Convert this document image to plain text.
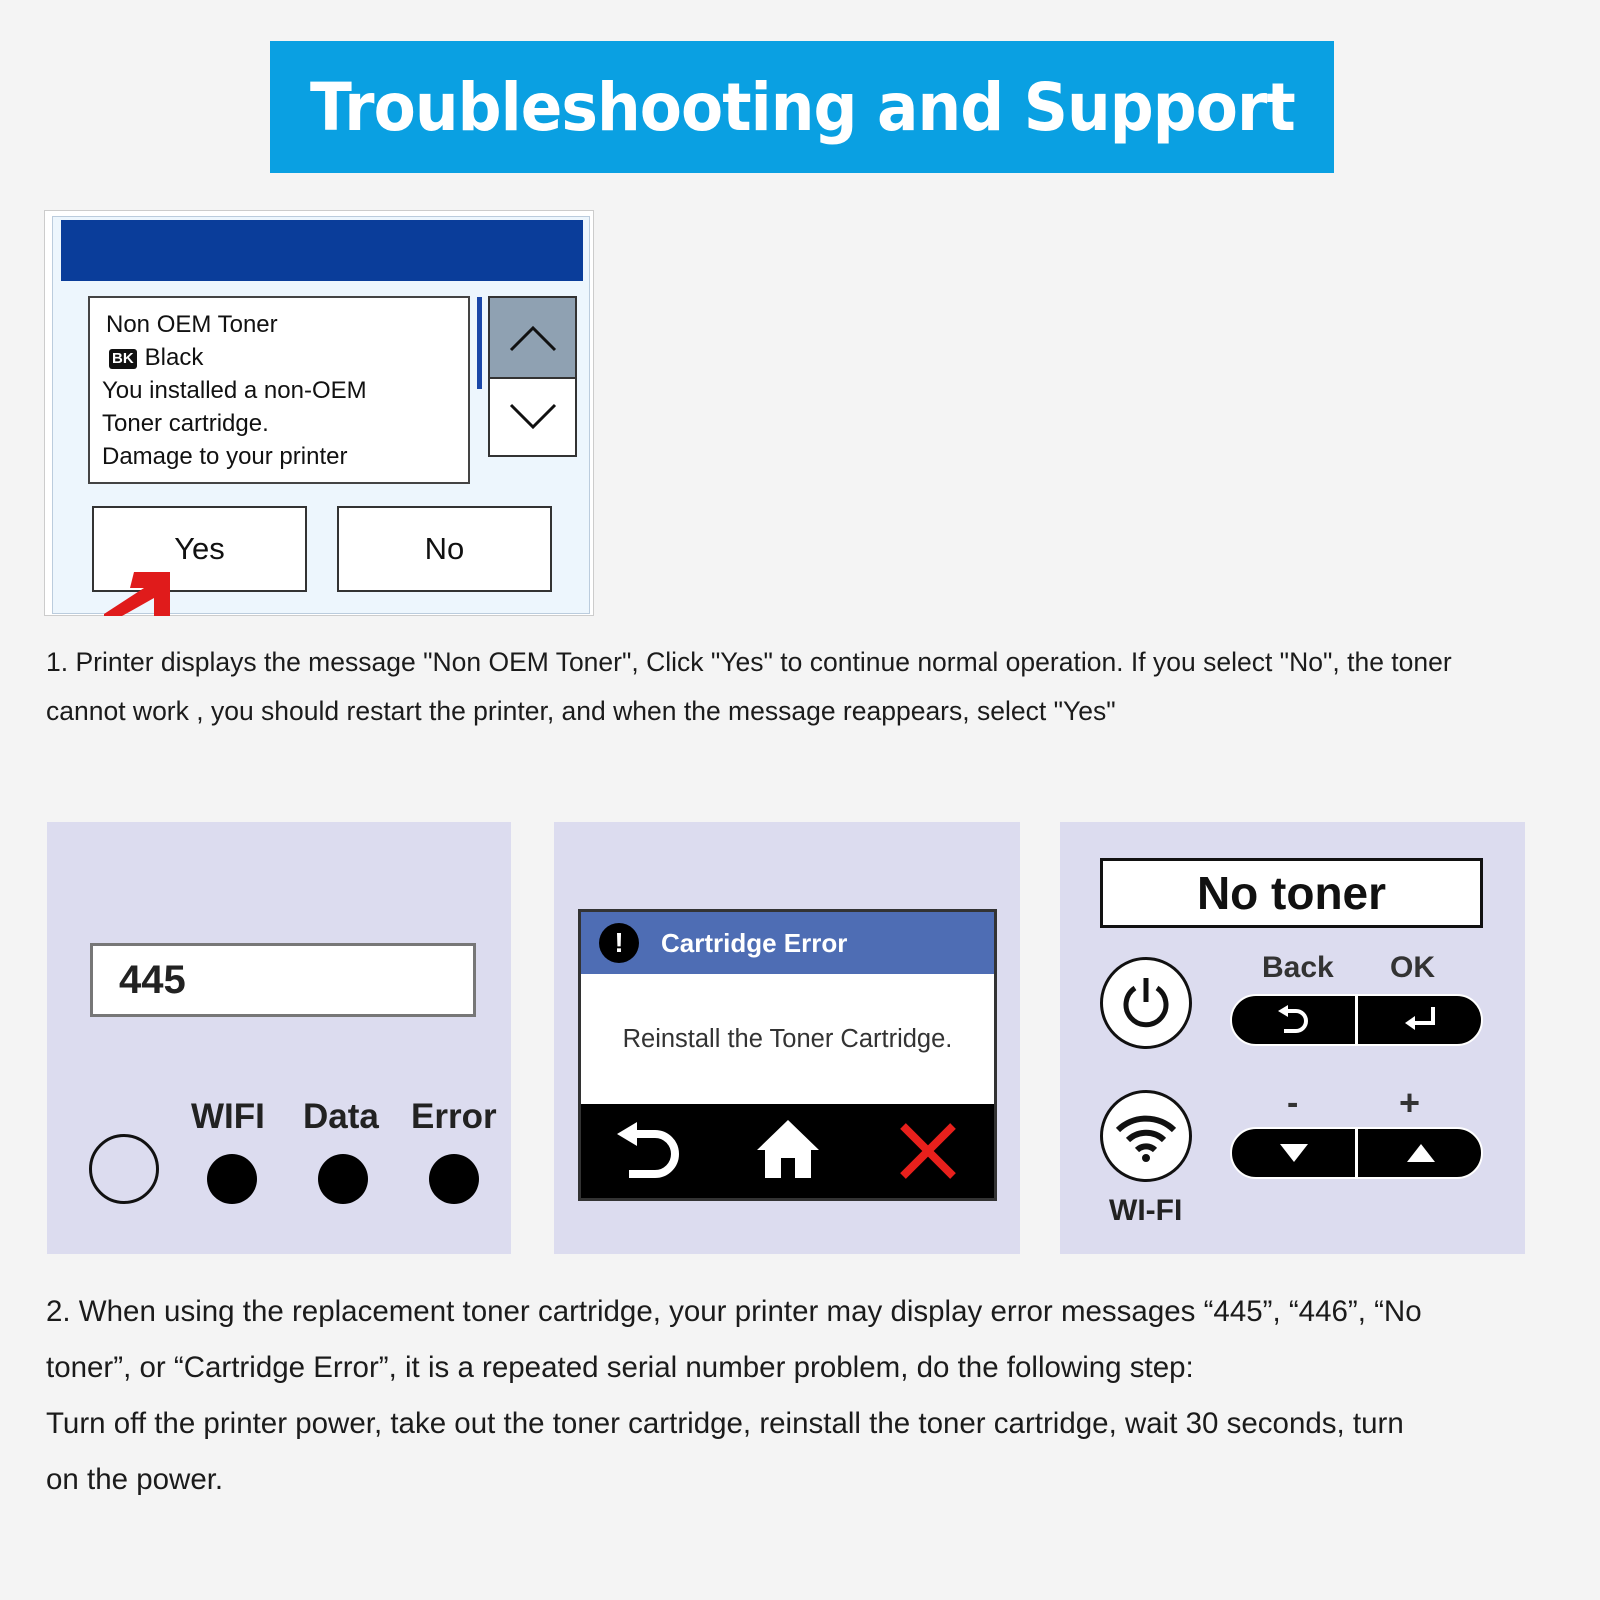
Troubleshooting and Support
Non OEM Toner
BK Black
You installed a non-OEM
Toner cartridge.
Damage to your printer
Yes	No
1. Printer displays the message "Non OEM Toner", Click "Yes" to continue normal operation. If you select "No", the toner
cannot work , you should restart the printer, and when the message reappears, select "Yes"
445
WIFI Data Error
!	Cartridge Error
Reinstall the Toner Cartridge.
No toner
Back OK
-	+
WI-FI
2. When using the replacement toner cartridge, your printer may display error messages “445”, “446”, “No
toner”, or “Cartridge Error”, it is a repeated serial number problem, do the following step:
Turn off the printer power, take out the toner cartridge, reinstall the toner cartridge, wait 30 seconds, turn
on the power.
